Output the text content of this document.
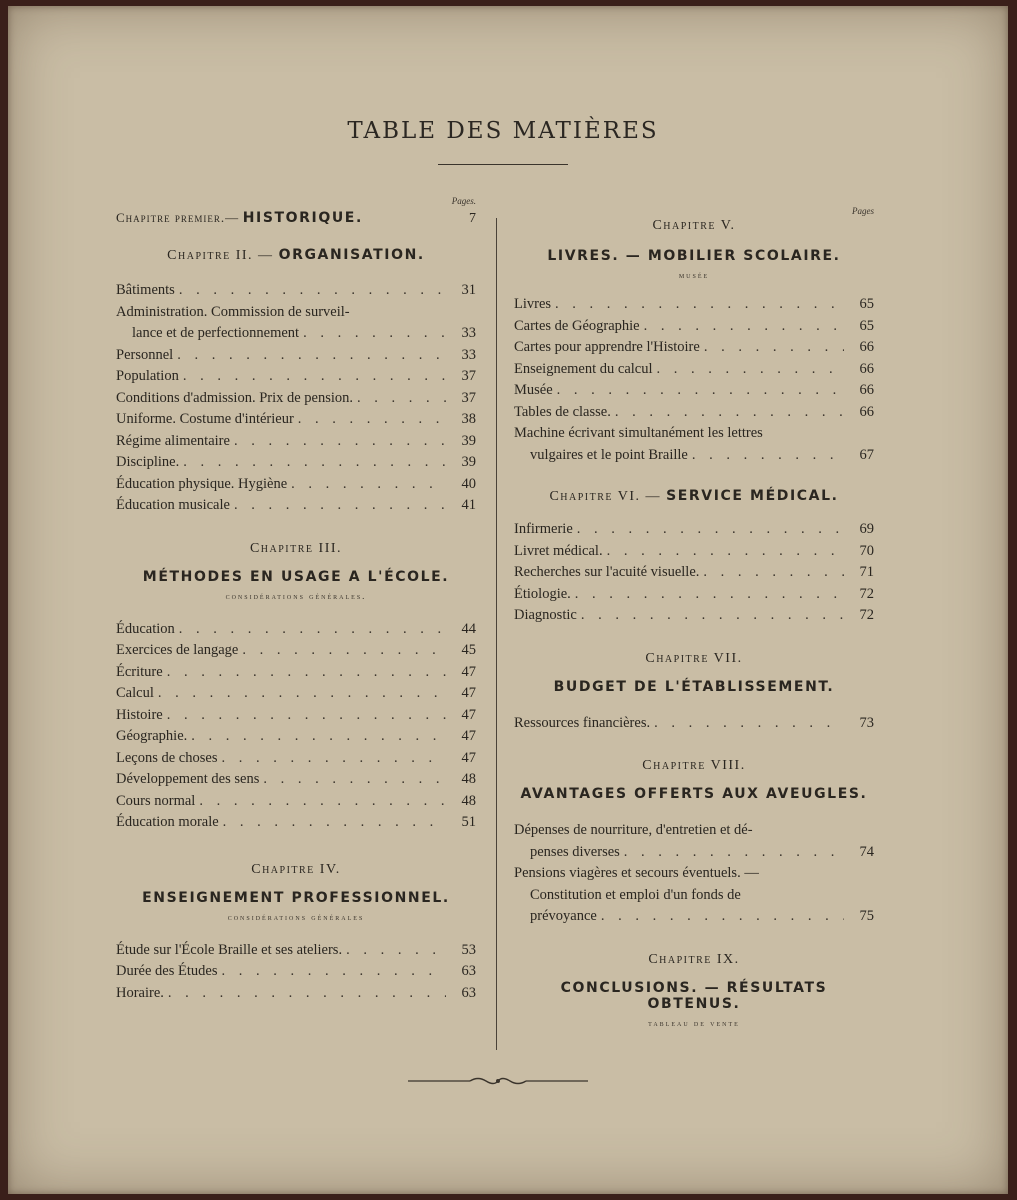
TABLE DES MATIÈRES
Pages.
Chapitre premier.— HISTORIQUE.	7
Chapitre II. — ORGANISATION.
Bâtiments . . .	31
Administration. Commission de surveil-
lance et de perfectionnement . . .	33
Personnel . . .	33
Population . . .	37
Conditions d'admission. Prix de pension. . . .	37
Uniforme. Costume d'intérieur . . .	38
Régime alimentaire . . .	39
Discipline. . . .	39
Éducation physique. Hygiène . . .	40
Éducation musicale . . .	41
Chapitre III.
MÉTHODES EN USAGE A L'ÉCOLE.
considérations générales.
Éducation . . .	44
Exercices de langage . . .	45
Écriture . . .	47
Calcul . . .	47
Histoire . . .	47
Géographie. . . .	47
Leçons de choses . . .	47
Développement des sens . . .	48
Cours normal . . .	48
Éducation morale . . .	51
Chapitre IV.
ENSEIGNEMENT PROFESSIONNEL.
considérations générales
Étude sur l'École Braille et ses ateliers. . . .	53
Durée des Études . . .	63
Horaire. . . .	63
Pages
Chapitre V.
LIVRES. — MOBILIER SCOLAIRE.
musée
Livres . . .	65
Cartes de Géographie . . .	65
Cartes pour apprendre l'Histoire . . .	66
Enseignement du calcul . . .	66
Musée . . .	66
Tables de classe. . . .	66
Machine écrivant simultanément les lettres
vulgaires et le point Braille . . .	67
Chapitre VI. — SERVICE MÉDICAL.
Infirmerie . . .	69
Livret médical. . . .	70
Recherches sur l'acuité visuelle. . . .	71
Étiologie. . . .	72
Diagnostic . . .	72
Chapitre VII.
BUDGET DE L'ÉTABLISSEMENT.
Ressources financières. . . .	73
Chapitre VIII.
AVANTAGES OFFERTS AUX AVEUGLES.
Dépenses de nourriture, d'entretien et dé-
penses diverses . . .	74
Pensions viagères et secours éventuels. —
Constitution et emploi d'un fonds de
prévoyance . . .	75
Chapitre IX.
CONCLUSIONS. — RÉSULTATS OBTENUS.
tableau de vente
